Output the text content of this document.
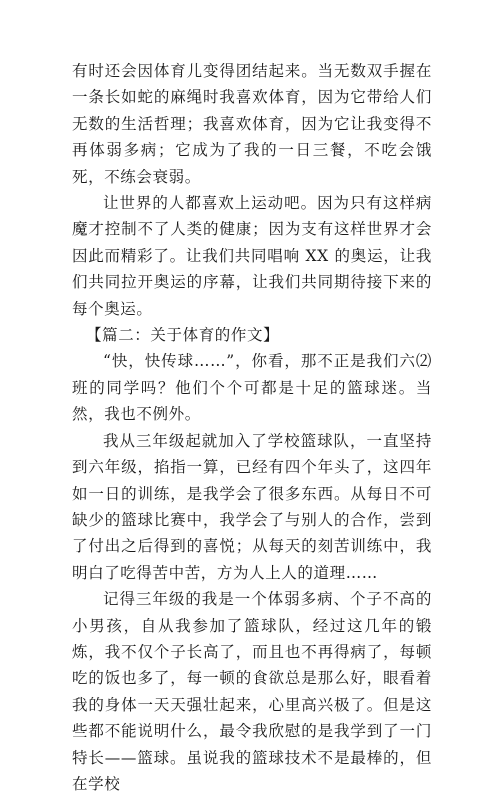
有时还会因体育儿变得团结起来。当无数双手握在一条长如蛇的麻绳时我喜欢体育，因为它带给人们无数的生活哲理；我喜欢体育，因为它让我变得不再体弱多病；它成为了我的一日三餐，不吃会饿死，不练会衰弱。

让世界的人都喜欢上运动吧。因为只有这样病魔才控制不了人类的健康；因为支有这样世界才会因此而精彩了。让我们共同唱响 XX 的奥运，让我们共同拉开奥运的序幕，让我们共同期待接下来的每个奥运。

【篇二：关于体育的作文】

“快，快传球……”，你看，那不正是我们六⑵班的同学吗？他们个个可都是十足的篮球迷。当然，我也不例外。

我从三年级起就加入了学校篮球队，一直坚持到六年级，掐指一算，已经有四个年头了，这四年如一日的训练，是我学会了很多东西。从每日不可缺少的篮球比赛中，我学会了与别人的合作，尝到了付出之后得到的喜悦；从每天的刻苦训练中，我明白了吃得苦中苦，方为人上人的道理……

记得三年级的我是一个体弱多病、个子不高的小男孩，自从我参加了篮球队，经过这几年的锻炼，我不仅个子长高了，而且也不再得病了，每顿吃的饭也多了，每一顿的食欲总是那么好，眼看着我的身体一天天强壮起来，心里高兴极了。但是这些都不能说明什么，最令我欣慰的是我学到了一门特长——篮球。虽说我的篮球技术不是最棒的，但在学校
